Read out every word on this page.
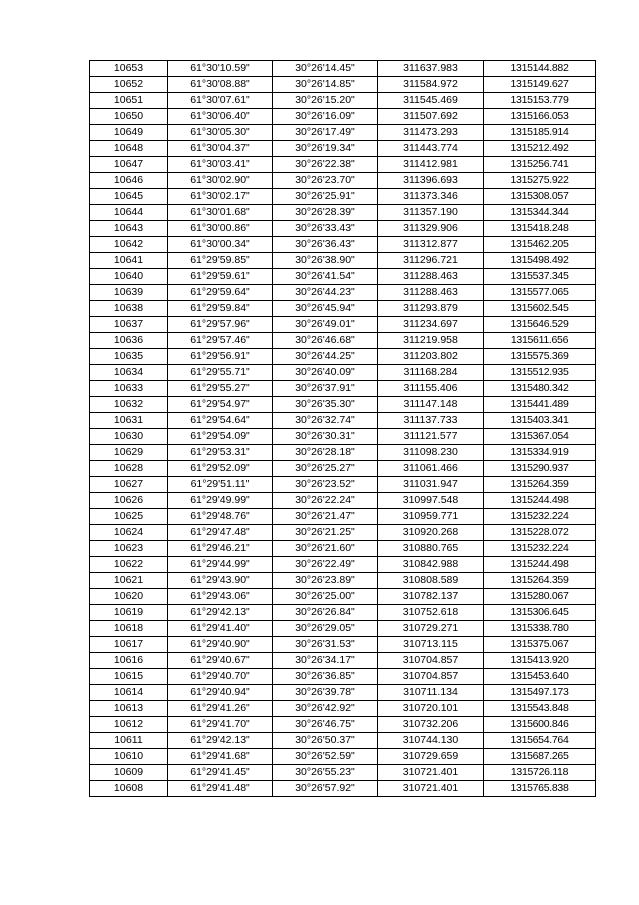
10653	61°30'10.59"	30°26'14.45"	311637.983	1315144.882
10652	61°30'08.88"	30°26'14.85"	311584.972	1315149.627
10651	61°30'07.61"	30°26'15.20"	311545.469	1315153.779
10650	61°30'06.40"	30°26'16.09"	311507.692	1315166.053
10649	61°30'05.30"	30°26'17.49"	311473.293	1315185.914
10648	61°30'04.37"	30°26'19.34"	311443.774	1315212.492
10647	61°30'03.41"	30°26'22.38"	311412.981	1315256.741
10646	61°30'02.90"	30°26'23.70"	311396.693	1315275.922
10645	61°30'02.17"	30°26'25.91"	311373.346	1315308.057
10644	61°30'01.68"	30°26'28.39"	311357.190	1315344.344
10643	61°30'00.86"	30°26'33.43"	311329.906	1315418.248
10642	61°30'00.34"	30°26'36.43"	311312.877	1315462.205
10641	61°29'59.85"	30°26'38.90"	311296.721	1315498.492
10640	61°29'59.61"	30°26'41.54"	311288.463	1315537.345
10639	61°29'59.64"	30°26'44.23"	311288.463	1315577.065
10638	61°29'59.84"	30°26'45.94"	311293.879	1315602.545
10637	61°29'57.96"	30°26'49.01"	311234.697	1315646.529
10636	61°29'57.46"	30°26'46.68"	311219.958	1315611.656
10635	61°29'56.91"	30°26'44.25"	311203.802	1315575.369
10634	61°29'55.71"	30°26'40.09"	311168.284	1315512.935
10633	61°29'55.27"	30°26'37.91"	311155.406	1315480.342
10632	61°29'54.97"	30°26'35.30"	311147.148	1315441.489
10631	61°29'54.64"	30°26'32.74"	311137.733	1315403.341
10630	61°29'54.09"	30°26'30.31"	311121.577	1315367.054
10629	61°29'53.31"	30°26'28.18"	311098.230	1315334.919
10628	61°29'52.09"	30°26'25.27"	311061.466	1315290.937
10627	61°29'51.11"	30°26'23.52"	311031.947	1315264.359
10626	61°29'49.99"	30°26'22.24"	310997.548	1315244.498
10625	61°29'48.76"	30°26'21.47"	310959.771	1315232.224
10624	61°29'47.48"	30°26'21.25"	310920.268	1315228.072
10623	61°29'46.21"	30°26'21.60"	310880.765	1315232.224
10622	61°29'44.99"	30°26'22.49"	310842.988	1315244.498
10621	61°29'43.90"	30°26'23.89"	310808.589	1315264.359
10620	61°29'43.06"	30°26'25.00"	310782.137	1315280.067
10619	61°29'42.13"	30°26'26.84"	310752.618	1315306.645
10618	61°29'41.40"	30°26'29.05"	310729.271	1315338.780
10617	61°29'40.90"	30°26'31.53"	310713.115	1315375.067
10616	61°29'40.67"	30°26'34.17"	310704.857	1315413.920
10615	61°29'40.70"	30°26'36.85"	310704.857	1315453.640
10614	61°29'40.94"	30°26'39.78"	310711.134	1315497.173
10613	61°29'41.26"	30°26'42.92"	310720.101	1315543.848
10612	61°29'41.70"	30°26'46.75"	310732.206	1315600.846
10611	61°29'42.13"	30°26'50.37"	310744.130	1315654.764
10610	61°29'41.68"	30°26'52.59"	310729.659	1315687.265
10609	61°29'41.45"	30°26'55.23"	310721.401	1315726.118
10608	61°29'41.48"	30°26'57.92"	310721.401	1315765.838
